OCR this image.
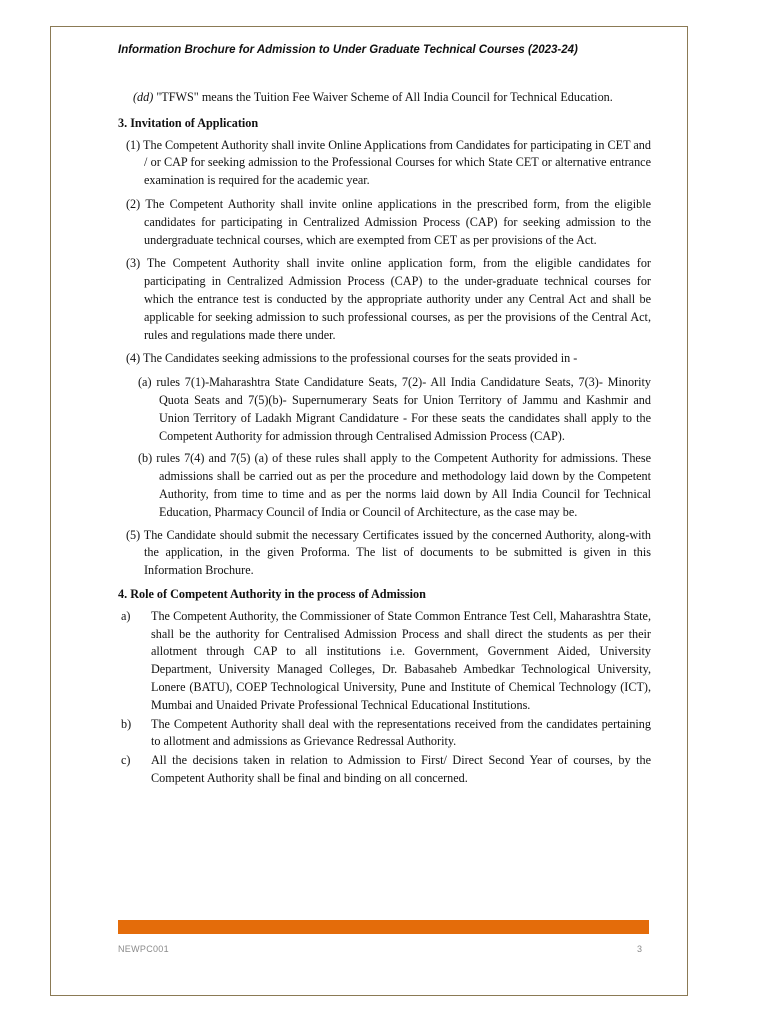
Information Brochure for Admission to Under Graduate Technical Courses (2023-24)

(dd) "TFWS" means the Tuition Fee Waiver Scheme of All India Council for Technical Education.

3. Invitation of Application

(1) The Competent Authority shall invite Online Applications from Candidates for participating in CET and / or CAP for seeking admission to the Professional Courses for which State CET or alternative entrance examination is required for the academic year.

(2) The Competent Authority shall invite online applications in the prescribed form, from the eligible candidates for participating in Centralized Admission Process (CAP) for seeking admission to the undergraduate technical courses, which are exempted from CET as per provisions of the Act.

(3) The Competent Authority shall invite online application form, from the eligible candidates for participating in Centralized Admission Process (CAP) to the under-graduate technical courses for which the entrance test is conducted by the appropriate authority under any Central Act and shall be applicable for seeking admission to such professional courses, as per the provisions of the Central Act, rules and regulations made there under.

(4) The Candidates seeking admissions to the professional courses for the seats provided in -

(a) rules 7(1)-Maharashtra State Candidature Seats, 7(2)- All India Candidature Seats, 7(3)- Minority Quota Seats and 7(5)(b)- Supernumerary Seats for Union Territory of Jammu and Kashmir and Union Territory of Ladakh Migrant Candidature - For these seats the candidates shall apply to the Competent Authority for admission through Centralised Admission Process (CAP).

(b) rules 7(4) and 7(5) (a) of these rules shall apply to the Competent Authority for admissions. These admissions shall be carried out as per the procedure and methodology laid down by the Competent Authority, from time to time and as per the norms laid down by All India Council for Technical Education, Pharmacy Council of India or Council of Architecture, as the case may be.

(5) The Candidate should submit the necessary Certificates issued by the concerned Authority, along-with the application, in the given Proforma. The list of documents to be submitted is given in this Information Brochure.

4. Role of Competent Authority in the process of Admission

a)	The Competent Authority, the Commissioner of State Common Entrance Test Cell, Maharashtra State, shall be the authority for Centralised Admission Process and shall direct the students as per their allotment through CAP to all institutions i.e. Government, Government Aided, University Department, University Managed Colleges, Dr. Babasaheb Ambedkar Technological University, Lonere (BATU), COEP Technological University, Pune and Institute of Chemical Technology (ICT), Mumbai and Unaided Private Professional Technical Educational Institutions.
b)	The Competent Authority shall deal with the representations received from the candidates pertaining to allotment and admissions as Grievance Redressal Authority.
c)	All the decisions taken in relation to Admission to First/ Direct Second Year of courses, by the Competent Authority shall be final and binding on all concerned.
NEWPC001	3
